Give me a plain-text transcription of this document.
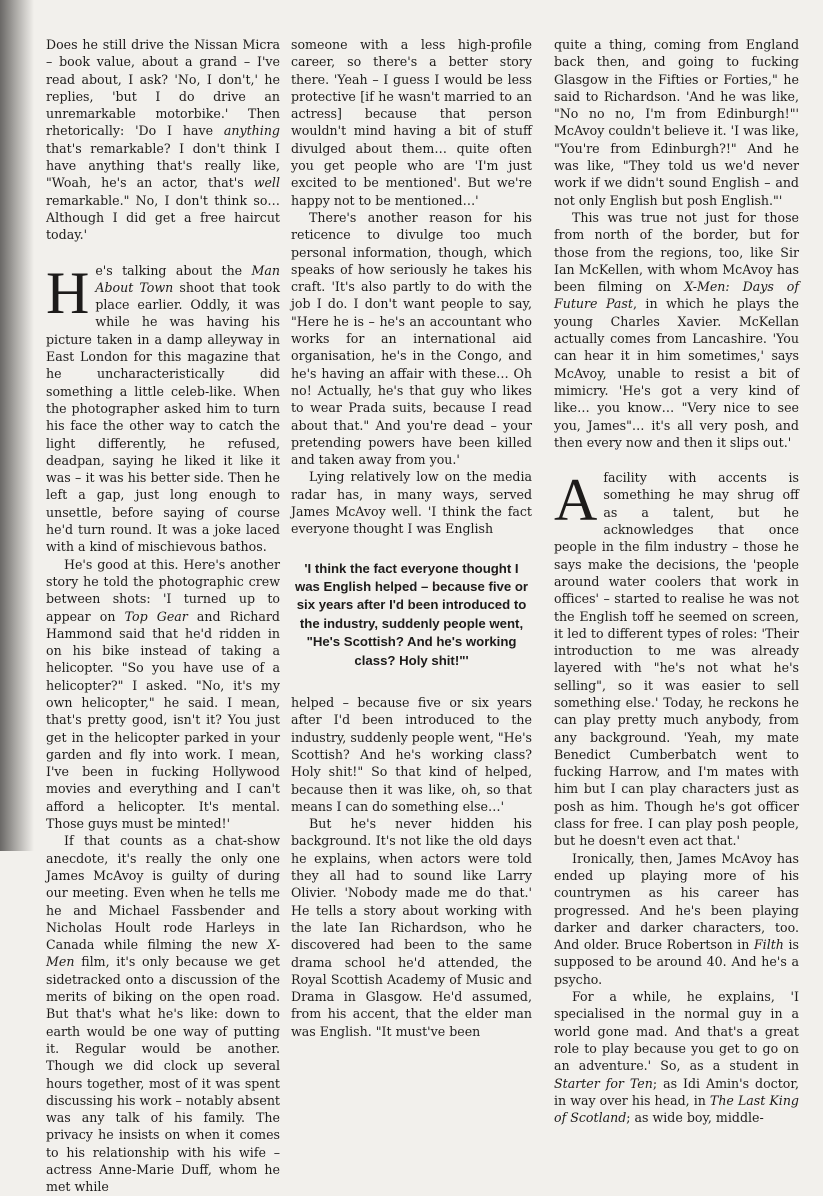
Does he still drive the Nissan Micra – book value, about a grand – I've read about, I ask? 'No, I don't,' he replies, 'but I do drive an unremarkable motorbike.' Then rhetorically: 'Do I have anything that's remarkable? I don't think I have anything that's really like, "Woah, he's an actor, that's well remarkable." No, I don't think so… Although I did get a free haircut today.'

He's talking about the Man About Town shoot that took place earlier. Oddly, it was while he was having his picture taken in a damp alleyway in East London for this magazine that he uncharacteristically did something a little celeb-like. When the photographer asked him to turn his face the other way to catch the light differently, he refused, deadpan, saying he liked it like it was – it was his better side. Then he left a gap, just long enough to unsettle, before saying of course he'd turn round. It was a joke laced with a kind of mischievous bathos.

He's good at this. Here's another story he told the photographic crew between shots: 'I turned up to appear on Top Gear and Richard Hammond said that he'd ridden in on his bike instead of taking a helicopter. "So you have use of a helicopter?" I asked. "No, it's my own helicopter," he said. I mean, that's pretty good, isn't it? You just get in the helicopter parked in your garden and fly into work. I mean, I've been in fucking Hollywood movies and everything and I can't afford a helicopter. It's mental. Those guys must be minted!'

If that counts as a chat-show anecdote, it's really the only one James McAvoy is guilty of during our meeting. Even when he tells me he and Michael Fassbender and Nicholas Hoult rode Harleys in Canada while filming the new X-Men film, it's only because we get sidetracked onto a discussion of the merits of biking on the open road. But that's what he's like: down to earth would be one way of putting it. Regular would be another. Though we did clock up several hours together, most of it was spent discussing his work – notably absent was any talk of his family. The privacy he insists on when it comes to his relationship with his wife – actress Anne-Marie Duff, whom he met while

someone with a less high-profile career, so there's a better story there. 'Yeah – I guess I would be less protective [if he wasn't married to an actress] because that person wouldn't mind having a bit of stuff divulged about them… quite often you get people who are 'I'm just excited to be mentioned'. But we're happy not to be mentioned…'

There's another reason for his reticence to divulge too much personal information, though, which speaks of how seriously he takes his craft. 'It's also partly to do with the job I do. I don't want people to say, "Here he is – he's an accountant who works for an international aid organisation, he's in the Congo, and he's having an affair with these… Oh no! Actually, he's that guy who likes to wear Prada suits, because I read about that." And you're dead – your pretending powers have been killed and taken away from you.'

Lying relatively low on the media radar has, in many ways, served James McAvoy well. 'I think the fact everyone thought I was English

'I think the fact everyone thought I was English helped – because five or six years after I'd been introduced to the industry, suddenly people went, "He's Scottish? And he's working class? Holy shit!"'

helped – because five or six years after I'd been introduced to the industry, suddenly people went, "He's Scottish? And he's working class? Holy shit!" So that kind of helped, because then it was like, oh, so that means I can do something else…'

But he's never hidden his background. It's not like the old days he explains, when actors were told they all had to sound like Larry Olivier. 'Nobody made me do that.' He tells a story about working with the late Ian Richardson, who he discovered had been to the same drama school he'd attended, the Royal Scottish Academy of Music and Drama in Glasgow. He'd assumed, from his accent, that the elder man was English. "It must've been

quite a thing, coming from England back then, and going to fucking Glasgow in the Fifties or Forties," he said to Richardson. 'And he was like, "No no no, I'm from Edinburgh!"' McAvoy couldn't believe it. 'I was like, "You're from Edinburgh?!" And he was like, "They told us we'd never work if we didn't sound English – and not only English but posh English."'

This was true not just for those from north of the border, but for those from the regions, too, like Sir Ian McKellen, with whom McAvoy has been filming on X-Men: Days of Future Past, in which he plays the young Charles Xavier. McKellan actually comes from Lancashire. 'You can hear it in him sometimes,' says McAvoy, unable to resist a bit of mimicry. 'He's got a very kind of like… you know… "Very nice to see you, James"… it's all very posh, and then every now and then it slips out.'

A facility with accents is something he may shrug off as a talent, but he acknowledges that once people in the film industry – those he says make the decisions, the 'people around water coolers that work in offices' – started to realise he was not the English toff he seemed on screen, it led to different types of roles: 'Their introduction to me was already layered with "he's not what he's selling", so it was easier to sell something else.' Today, he reckons he can play pretty much anybody, from any background. 'Yeah, my mate Benedict Cumberbatch went to fucking Harrow, and I'm mates with him but I can play characters just as posh as him. Though he's got officer class for free. I can play posh people, but he doesn't even act that.'

Ironically, then, James McAvoy has ended up playing more of his countrymen as his career has progressed. And he's been playing darker and darker characters, too. And older. Bruce Robertson in Filth is supposed to be around 40. And he's a psycho.

For a while, he explains, 'I specialised in the normal guy in a world gone mad. And that's a great role to play because you get to go on an adventure.' So, as a student in Starter for Ten; as Idi Amin's doctor, in way over his head, in The Last King of Scotland; as wide boy, middle-
